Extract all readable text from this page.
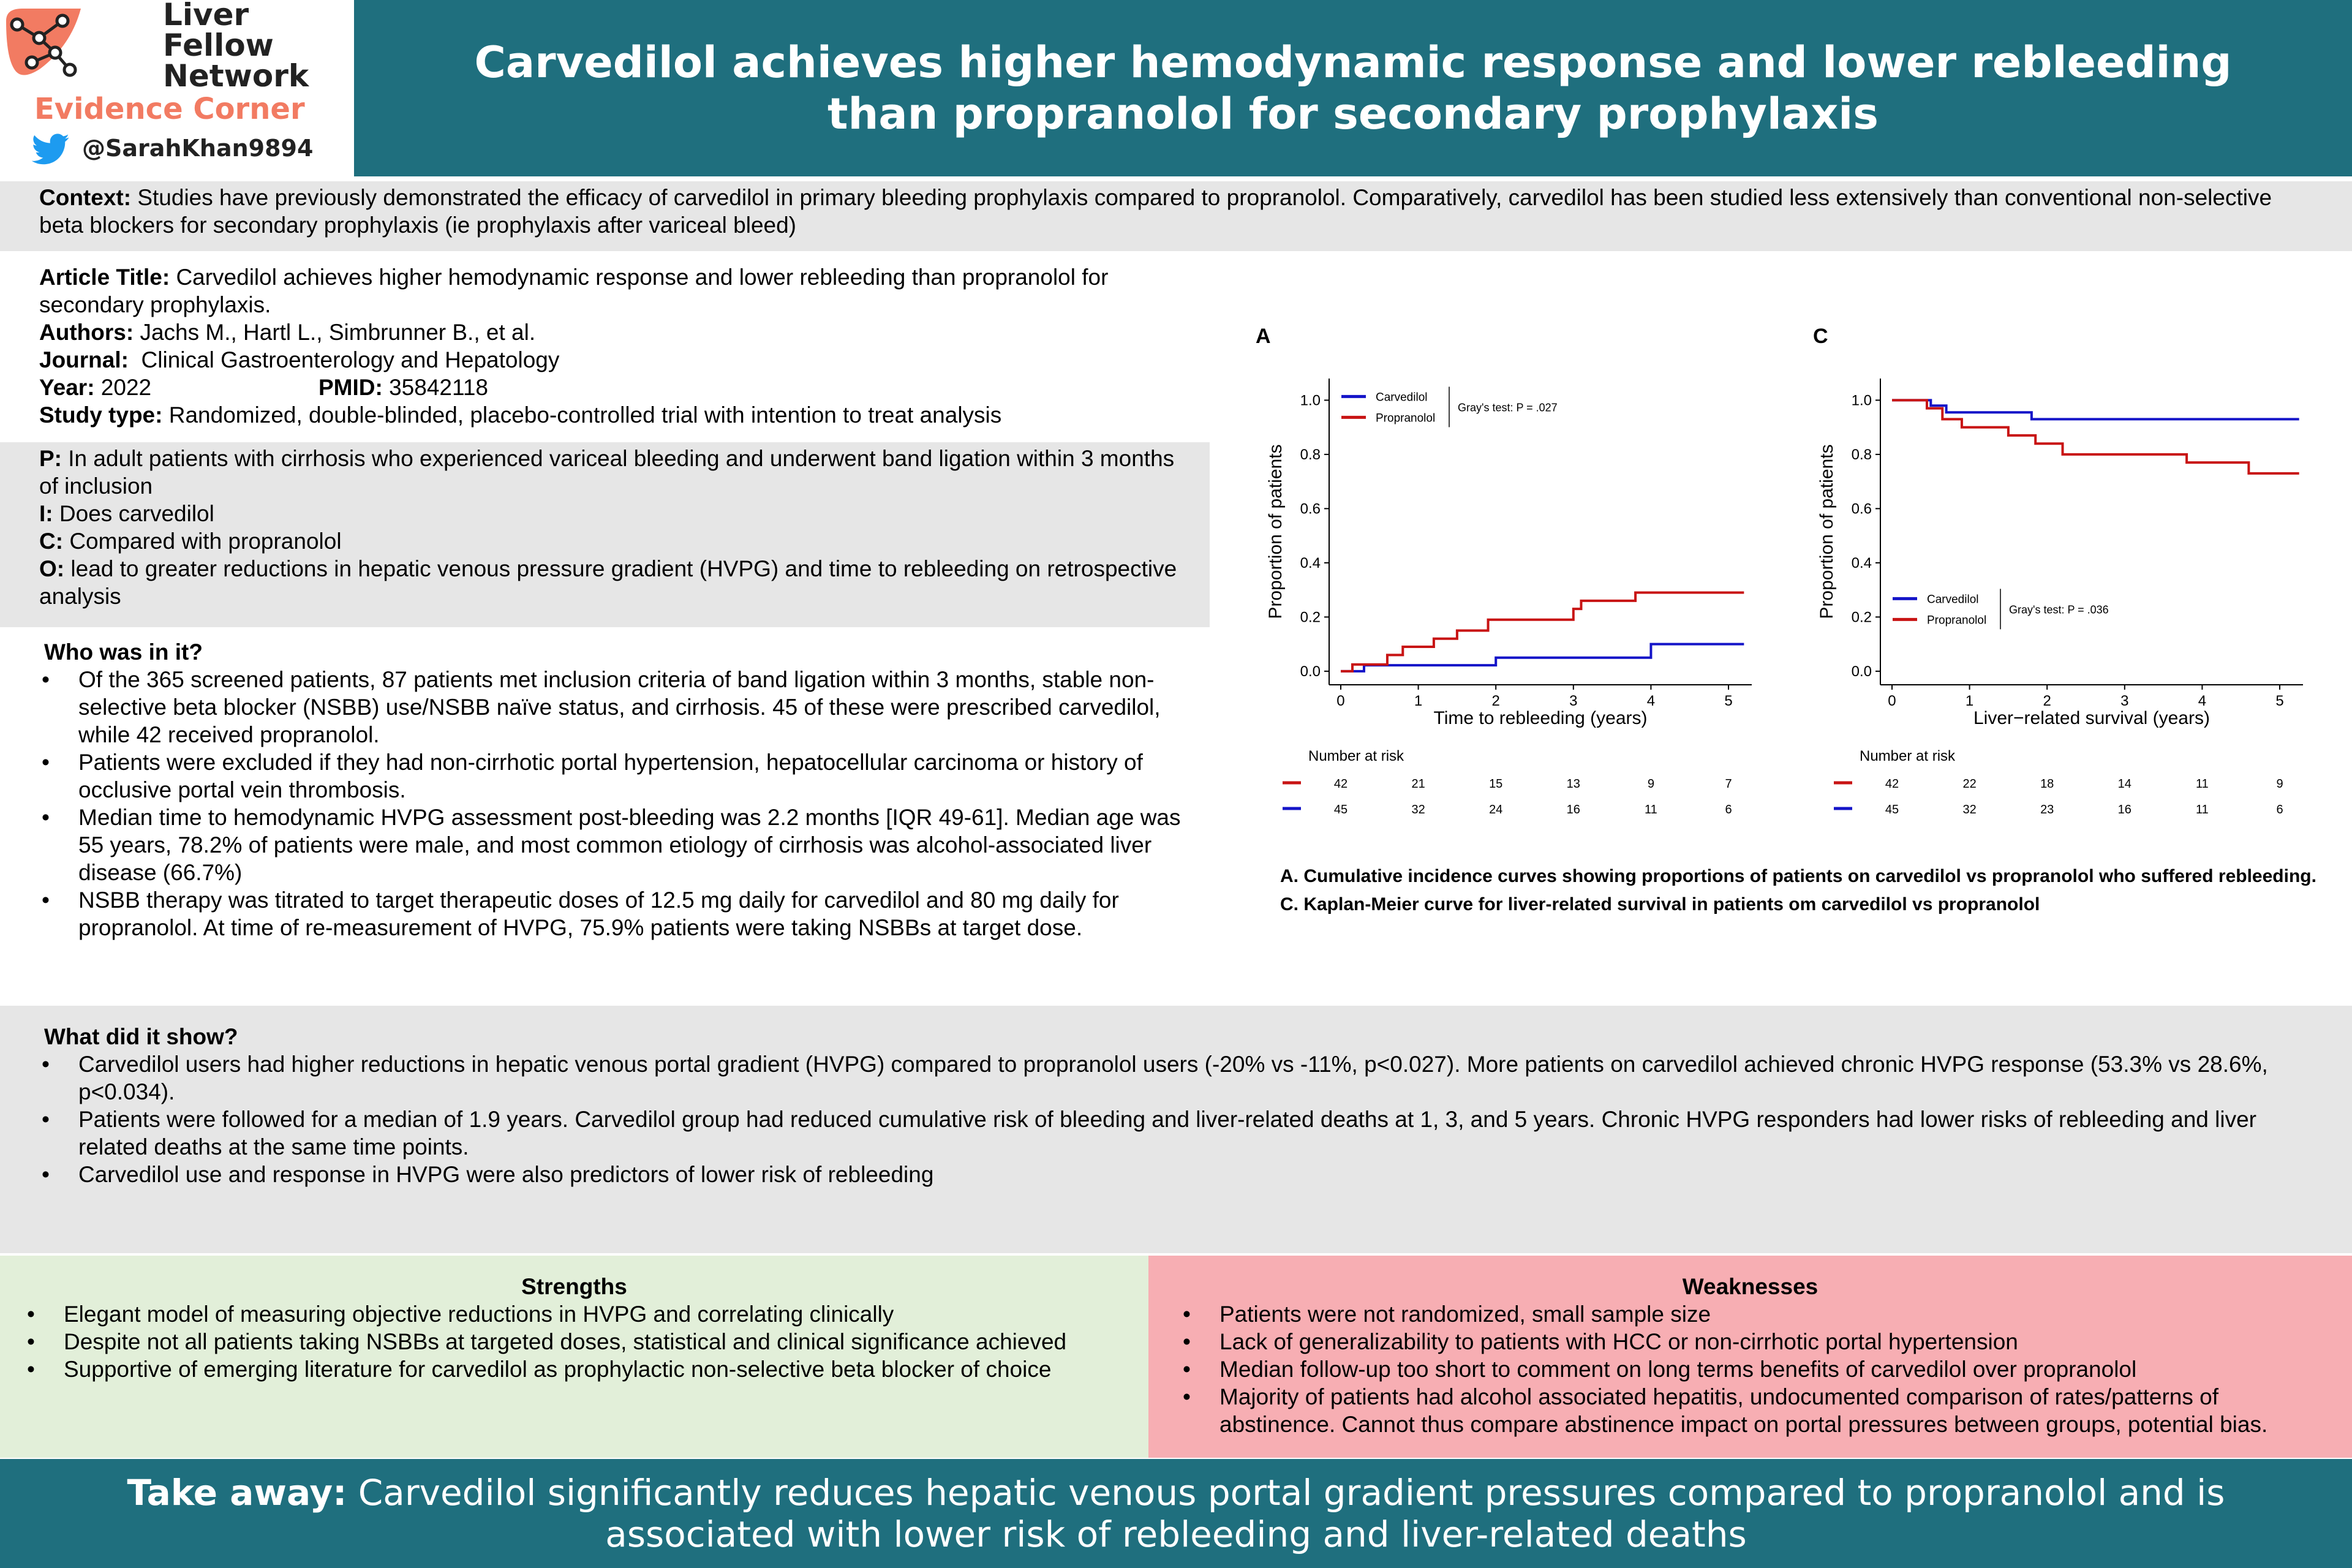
Liver
Fellow
Network
Evidence Corner
@SarahKhan9894
Carvedilol achieves higher hemodynamic response and lower rebleeding than propranolol for secondary prophylaxis
Context: Studies have previously demonstrated the efficacy of carvedilol in primary bleeding prophylaxis compared to propranolol. Comparatively, carvedilol has been studied less extensively than conventional non-selective beta blockers for secondary prophylaxis (ie prophylaxis after variceal bleed)
Article Title: Carvedilol achieves higher hemodynamic response and lower rebleeding than propranolol for secondary prophylaxis.
Authors: Jachs M., Hartl L., Simbrunner B., et al.
Journal: Clinical Gastroenterology and Hepatology
Year: 2022	PMID: 35842118
Study type: Randomized, double-blinded, placebo-controlled trial with intention to treat analysis
P: In adult patients with cirrhosis who experienced variceal bleeding and underwent band ligation within 3 months of inclusion
I: Does carvedilol
C: Compared with propranolol
O: lead to greater reductions in hepatic venous pressure gradient (HVPG) and time to rebleeding on retrospective analysis
Who was in it?
• Of the 365 screened patients, 87 patients met inclusion criteria of band ligation within 3 months, stable non-selective beta blocker (NSBB) use/NSBB naïve status, and cirrhosis. 45 of these were prescribed carvedilol, while 42 received propranolol.
• Patients were excluded if they had non-cirrhotic portal hypertension, hepatocellular carcinoma or history of occlusive portal vein thrombosis.
• Median time to hemodynamic HVPG assessment post-bleeding was 2.2 months [IQR 49-61]. Median age was 55 years, 78.2% of patients were male, and most common etiology of cirrhosis was alcohol-associated liver disease (66.7%)
• NSBB therapy was titrated to target therapeutic doses of 12.5 mg daily for carvedilol and 80 mg daily for propranolol. At time of re-measurement of HVPG, 75.9% patients were taking NSBBs at target dose.
A
0.0
0.2
0.4
0.6
0.8
1.0
0	1	2	3	4	5
Time to rebleeding (years)
Proportion of patients
Carvedilol
Propranolol
Gray's test: P = .027
Number at risk
42	21	15	13	9	7
45	32	24	16	11	6
C
0.0
0.2
0.4
0.6
0.8
1.0
0	1	2	3	4	5
Liver−related survival (years)
Proportion of patients	Carvedilol
Propranolol
Gray's test: P = .036
Number at risk
42	22	18	14	11	9
45	32	23	16	11	6
A. Cumulative incidence curves showing proportions of patients on carvedilol vs propranolol who suffered rebleeding.
C. Kaplan-Meier curve for liver-related survival in patients om carvedilol vs propranolol
What did it show?
• Carvedilol users had higher reductions in hepatic venous portal gradient (HVPG) compared to propranolol users (-20% vs -11%, p<0.027). More patients on carvedilol achieved chronic HVPG response (53.3% vs 28.6%, p<0.034).
• Patients were followed for a median of 1.9 years. Carvedilol group had reduced cumulative risk of bleeding and liver-related deaths at 1, 3, and 5 years. Chronic HVPG responders had lower risks of rebleeding and liver related deaths at the same time points.
• Carvedilol use and response in HVPG were also predictors of lower risk of rebleeding
Strengths
• Elegant model of measuring objective reductions in HVPG and correlating clinically
• Despite not all patients taking NSBBs at targeted doses, statistical and clinical significance achieved
• Supportive of emerging literature for carvedilol as prophylactic non-selective beta blocker of choice
Weaknesses
• Patients were not randomized, small sample size
• Lack of generalizability to patients with HCC or non-cirrhotic portal hypertension
• Median follow-up too short to comment on long terms benefits of carvedilol over propranolol
• Majority of patients had alcohol associated hepatitis, undocumented comparison of rates/patterns of abstinence. Cannot thus compare abstinence impact on portal pressures between groups, potential bias.
Take away: Carvedilol significantly reduces hepatic venous portal gradient pressures compared to propranolol and is associated with lower risk of rebleeding and liver-related deaths
